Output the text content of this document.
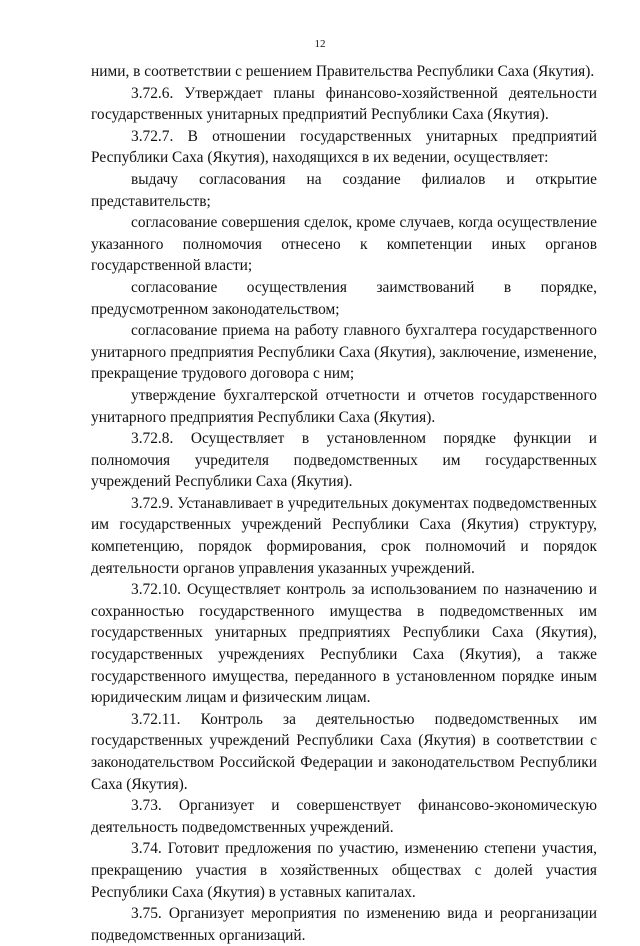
12

ними, в соответствии с решением Правительства Республики Саха (Якутия).

3.72.6. Утверждает планы финансово-хозяйственной деятельности государственных унитарных предприятий Республики Саха (Якутия).

3.72.7. В отношении государственных унитарных предприятий Республики Саха (Якутия), находящихся в их ведении, осуществляет:

выдачу согласования на создание филиалов и открытие представительств;

согласование совершения сделок, кроме случаев, когда осуществление указанного полномочия отнесено к компетенции иных органов государственной власти;

согласование осуществления заимствований в порядке, предусмотренном законодательством;

согласование приема на работу главного бухгалтера государственного унитарного предприятия Республики Саха (Якутия), заключение, изменение, прекращение трудового договора с ним;

утверждение бухгалтерской отчетности и отчетов государственного унитарного предприятия Республики Саха (Якутия).

3.72.8. Осуществляет в установленном порядке функции и полномочия учредителя подведомственных им государственных учреждений Республики Саха (Якутия).

3.72.9. Устанавливает в учредительных документах подведомственных им государственных учреждений Республики Саха (Якутия) структуру, компетенцию, порядок формирования, срок полномочий и порядок деятельности органов управления указанных учреждений.

3.72.10. Осуществляет контроль за использованием по назначению и сохранностью государственного имущества в подведомственных им государственных унитарных предприятиях Республики Саха (Якутия), государственных учреждениях Республики Саха (Якутия), а также государственного имущества, переданного в установленном порядке иным юридическим лицам и физическим лицам.

3.72.11. Контроль за деятельностью подведомственных им государственных учреждений Республики Саха (Якутия) в соответствии с законодательством Российской Федерации и законодательством Республики Саха (Якутия).

3.73. Организует и совершенствует финансово-экономическую деятельность подведомственных учреждений.

3.74. Готовит предложения по участию, изменению степени участия, прекращению участия в хозяйственных обществах с долей участия Республики Саха (Якутия) в уставных капиталах.

3.75. Организует мероприятия по изменению вида и реорганизации подведомственных организаций.
